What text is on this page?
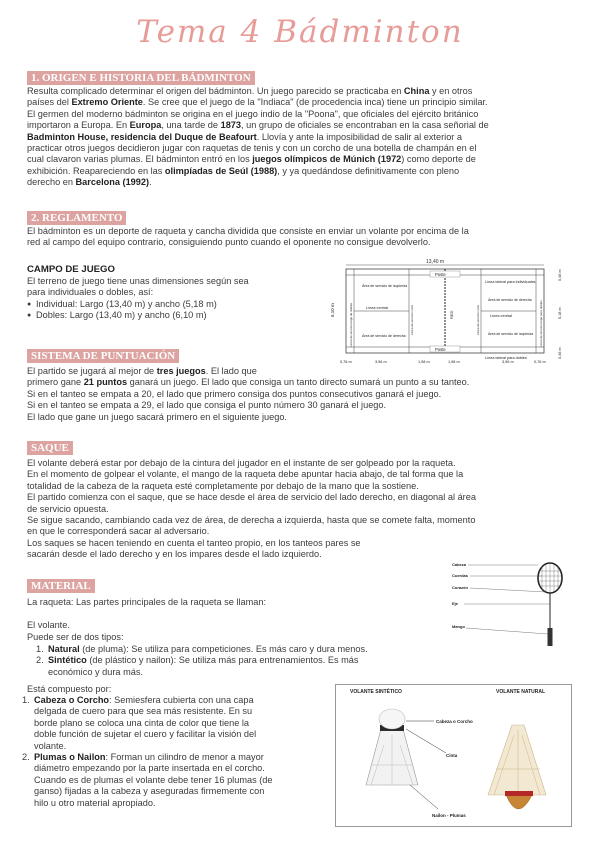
Tema 4 Bádminton
1. ORIGEN E HISTORIA DEL BÁDMINTON
Resulta complicado determinar el origen del bádminton. Un juego parecido se practicaba en China y en otros
países del Extremo Oriente. Se cree que el juego de la "Indiaca" (de procedencia inca) tiene un principio similar.
El germen del moderno bádminton se origina en el juego indio de la "Poona", que oficiales del ejército británico
importaron a Europa. En Europa, una tarde de 1873, un grupo de oficiales se encontraban en la casa señorial de
Badminton House, residencia del Duque de Beafourt. Llovía y ante la imposibilidad de salir al exterior a
practicar otros juegos decidieron jugar con raquetas de tenis y con un corcho de una botella de champán en el
cual clavaron varias plumas. El bádminton entró en los juegos olímpicos de Múnich (1972) como deporte de
exhibición. Reapareciendo en las olimpíadas de Seúl (1988), y ya quedándose definitivamente con pleno
derecho en Barcelona (1992).
2. REGLAMENTO
El bádminton es un deporte de raqueta y cancha dividida que consiste en enviar un volante por encima de la
red al campo del equipo contrario, consiguiendo punto cuando el oponente no consigue devolverlo.
CAMPO DE JUEGO
El terreno de juego tiene unas dimensiones según sea
para individuales o dobles, así:
● Individual: Largo (13,40 m) y ancho (5,18 m)
● Dobles: Largo (13,40 m) y ancho (6,10 m)
13,40 m
Poste
Poste
Área de servicio de izquierda
Línea central
Área de servicio de derecha
Línea lateral para individuales
Área de servicio de derecha
Línea central
Área de servicio de izquierda
Línea lateral para dobles
RED
Línea de servicio largo de dobles	Línea de servicio corto	Línea de servicio corto	Línea de servicio largo para dobles
6,10 m
0,46 m
5,18 m
0,46 m
0,76 m	3,96 m	1,98 m	1,98 m	3,96 m	0,76 m
SISTEMA DE PUNTUACIÓN
El partido se jugará al mejor de tres juegos. El lado que
primero gane 21 puntos ganará un juego. El lado que consiga un tanto directo sumará un punto a su tanteo.
Si en el tanteo se empata a 20, el lado que primero consiga dos puntos consecutivos ganará el juego.
Si en el tanteo se empata a 29, el lado que consiga el punto número 30 ganará el juego.
El lado que gane un juego sacará primero en el siguiente juego.
SAQUE
El volante deberá estar por debajo de la cintura del jugador en el instante de ser golpeado por la raqueta.
En el momento de golpear el volante, el mango de la raqueta debe apuntar hacia abajo, de tal forma que la
totalidad de la cabeza de la raqueta esté completamente por debajo de la mano que la sostiene.
El partido comienza con el saque, que se hace desde el área de servicio del lado derecho, en diagonal al área
de servicio opuesta.
Se sigue sacando, cambiando cada vez de área, de derecha a izquierda, hasta que se comete falta, momento
en que le corresponderá sacar al adversario.
Los saques se hacen teniendo en cuenta el tanteo propio, en los tanteos pares se
sacarán desde el lado derecho y en los impares desde el lado izquierdo.
MATERIAL
La raqueta: Las partes principales de la raqueta se llaman:
El volante.
Puede ser de dos tipos:
1. Natural (de pluma): Se utiliza para competiciones. Es más caro y dura menos.
2. Sintético (de plástico y nailon): Se utiliza más para entrenamientos. Es más
económico y dura más.
Está compuesto por:
1. Cabeza o Corcho: Semiesfera cubierta con una capa
delgada de cuero para que sea más resistente. En su
borde plano se coloca una cinta de color que tiene la
doble función de sujetar el cuero y facilitar la visión del
volante.
2. Plumas o Nailon: Forman un cilindro de menor a mayor
diámetro empezando por la parte insertada en el corcho.
Cuando es de plumas el volante debe tener 16 plumas (de
ganso) fijadas a la cabeza y aseguradas firmemente con
hilo u otro material apropiado.
Cabeza
Cuerdas
Corazón
Eje
Mango
VOLANTE SINTÉTICO	VOLANTE NATURAL
Cabeza o Corcho
Cinta
Nailon - Plumas
